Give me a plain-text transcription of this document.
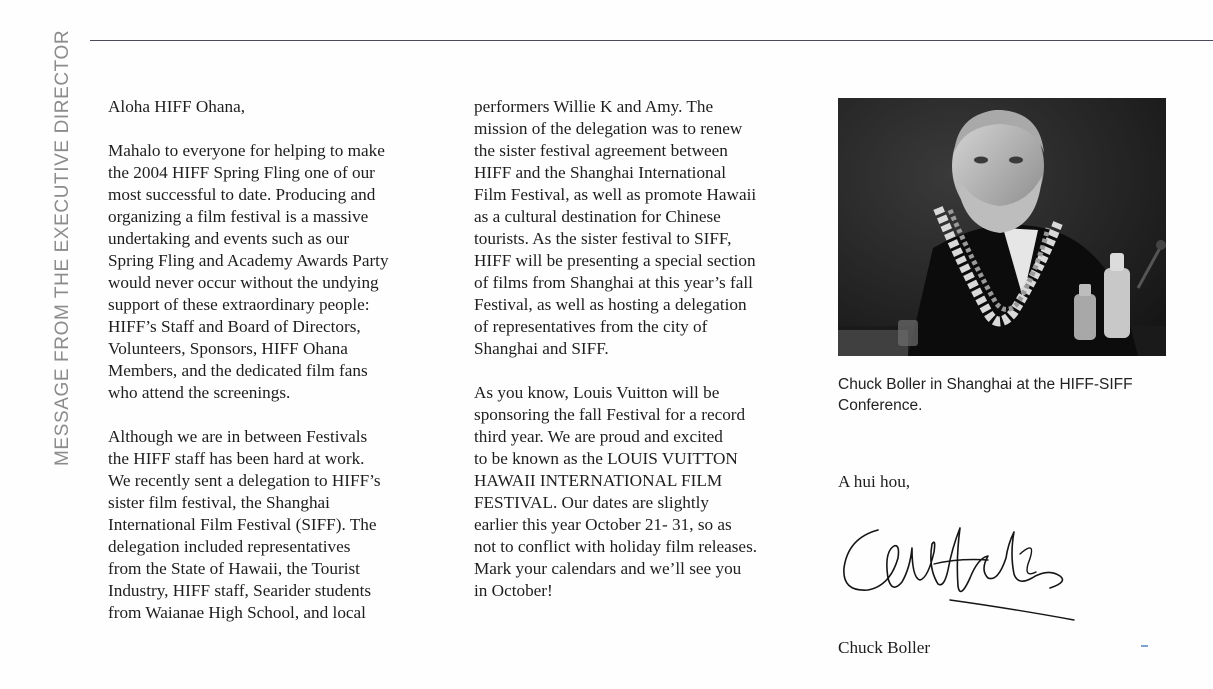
MESSAGE FROM THE EXECUTIVE DIRECTOR Aloha HIFF Ohana,

Mahalo to everyone for helping to make
the 2004 HIFF Spring Fling one of our
most successful to date. Producing and
organizing a film festival is a massive
undertaking and events such as our
Spring Fling and Academy Awards Party
would never occur without the undying
support of these extraordinary people:
HIFF’s Staff and Board of Directors,
Volunteers, Sponsors, HIFF Ohana
Members, and the dedicated film fans
who attend the screenings.

Although we are in between Festivals
the HIFF staff has been hard at work.
We recently sent a delegation to HIFF’s
sister film festival, the Shanghai
International Film Festival (SIFF). The
delegation included representatives
from the State of Hawaii, the Tourist
Industry, HIFF staff, Searider students
from Waianae High School, and local

performers Willie K and Amy. The
mission of the delegation was to renew
the sister festival agreement between
HIFF and the Shanghai International
Film Festival, as well as promote Hawaii
as a cultural destination for Chinese
tourists. As the sister festival to SIFF,
HIFF will be presenting a special section
of films from Shanghai at this year’s fall
Festival, as well as hosting a delegation
of representatives from the city of
Shanghai and SIFF.

As you know, Louis Vuitton will be
sponsoring the fall Festival for a record
third year. We are proud and excited
to be known as the LOUIS VUITTON
HAWAII INTERNATIONAL FILM
FESTIVAL. Our dates are slightly
earlier this year October 21- 31, so as
not to conflict with holiday film releases.
Mark your calendars and we’ll see you
in October!

Chuck Boller in Shanghai at the HIFF-SIFF
Conference.
A hui hou,
Chuck Boller
